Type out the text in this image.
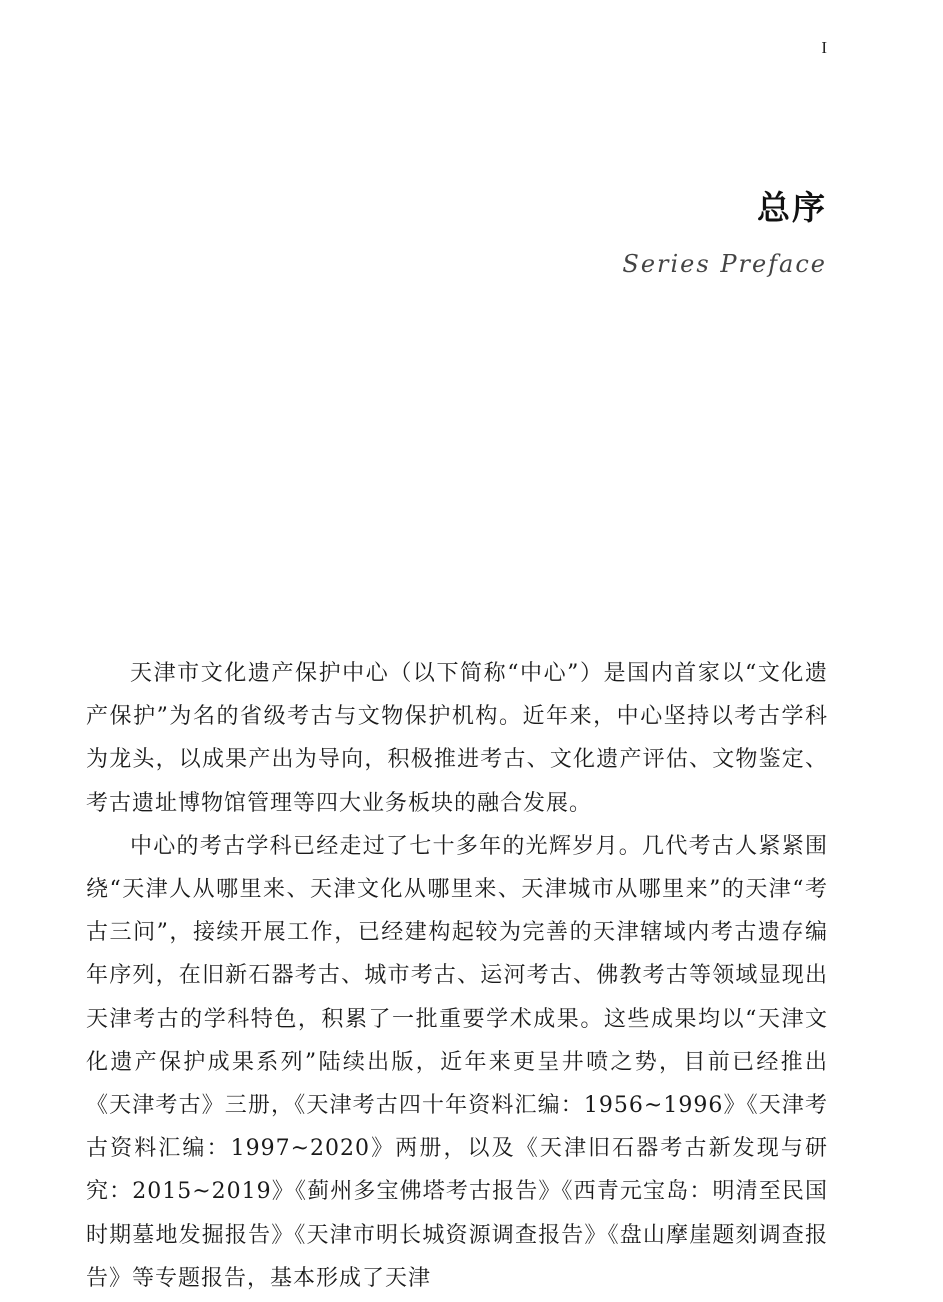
I
总序
Series Preface

天津市文化遗产保护中心（以下简称“中心”）是国内首家以“文化遗产保护”为名的省级考古与文物保护机构。近年来，中心坚持以考古学科为龙头，以成果产出为导向，积极推进考古、文化遗产评估、文物鉴定、考古遗址博物馆管理等四大业务板块的融合发展。

中心的考古学科已经走过了七十多年的光辉岁月。几代考古人紧紧围绕“天津人从哪里来、天津文化从哪里来、天津城市从哪里来”的天津“考古三问”，接续开展工作，已经建构起较为完善的天津辖域内考古遗存编年序列，在旧新石器考古、城市考古、运河考古、佛教考古等领域显现出天津考古的学科特色，积累了一批重要学术成果。这些成果均以“天津文化遗产保护成果系列”陆续出版，近年来更呈井喷之势，目前已经推出《天津考古》三册，《天津考古四十年资料汇编：1956~1996》《天津考古资料汇编：1997~2020》两册，以及《天津旧石器考古新发现与研究：2015~2019》《蓟州多宝佛塔考古报告》《西青元宝岛：明清至民国时期墓地发掘报告》《天津市明长城资源调查报告》《盘山摩崖题刻调查报告》等专题报告，基本形成了天津
